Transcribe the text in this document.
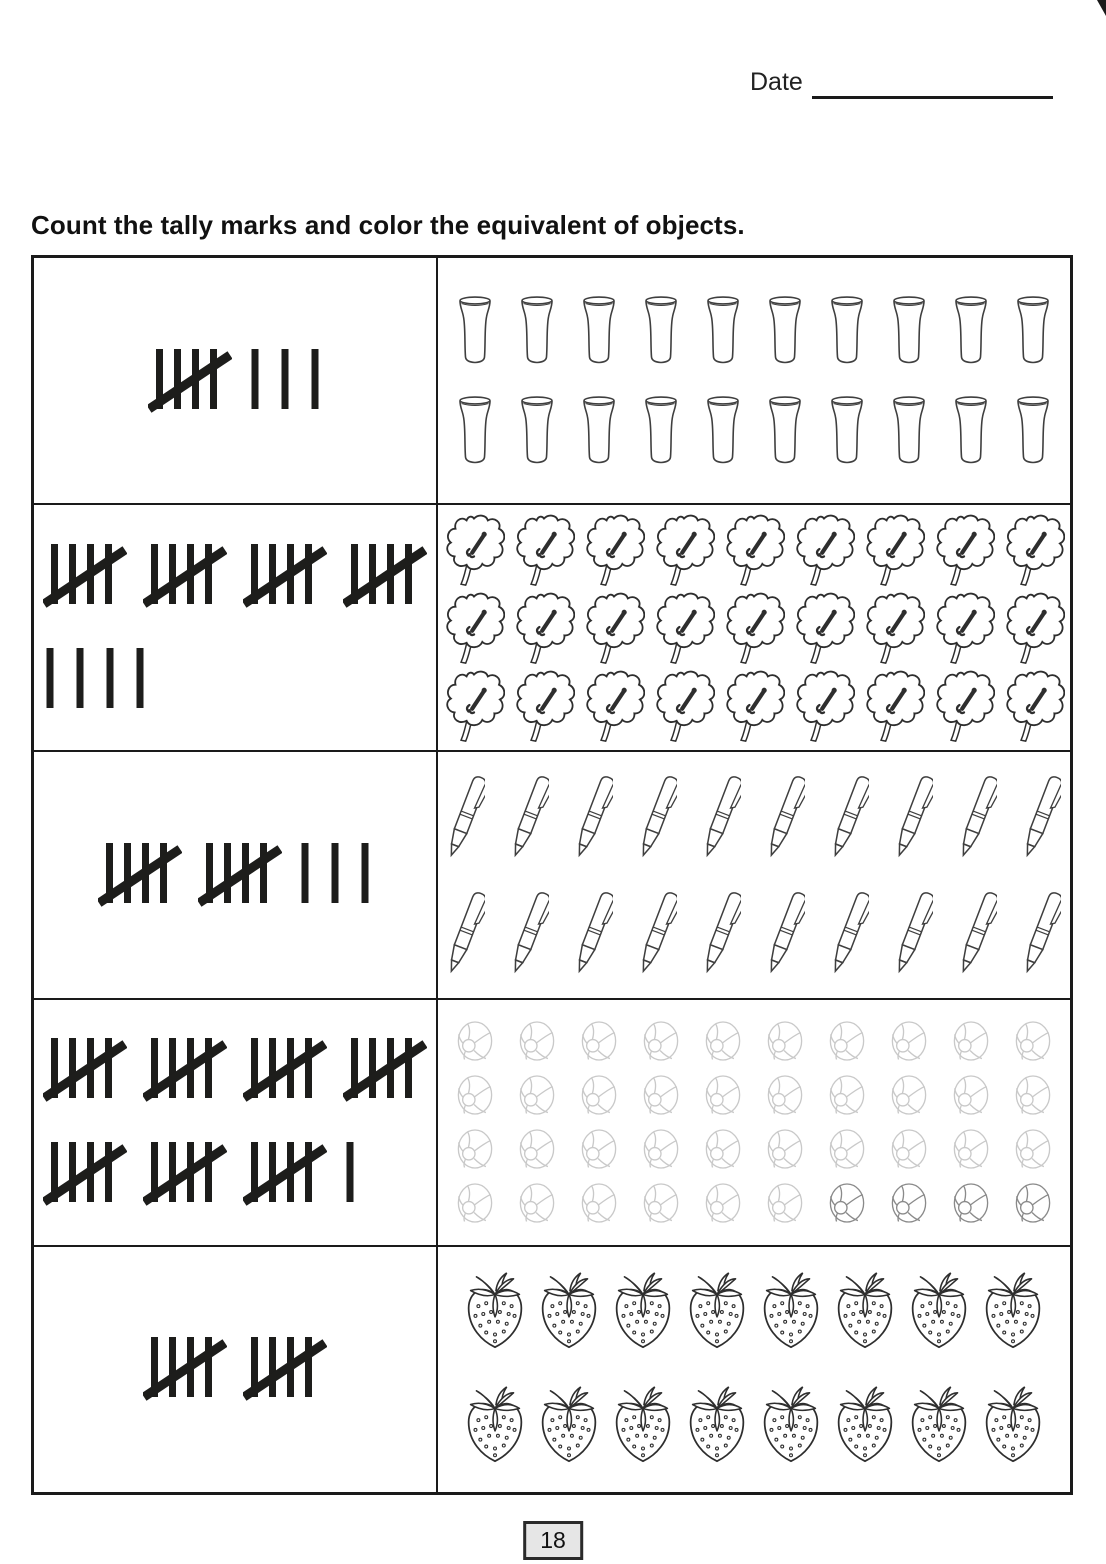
Date
Count the tally marks and color the equivalent of objects.
18
